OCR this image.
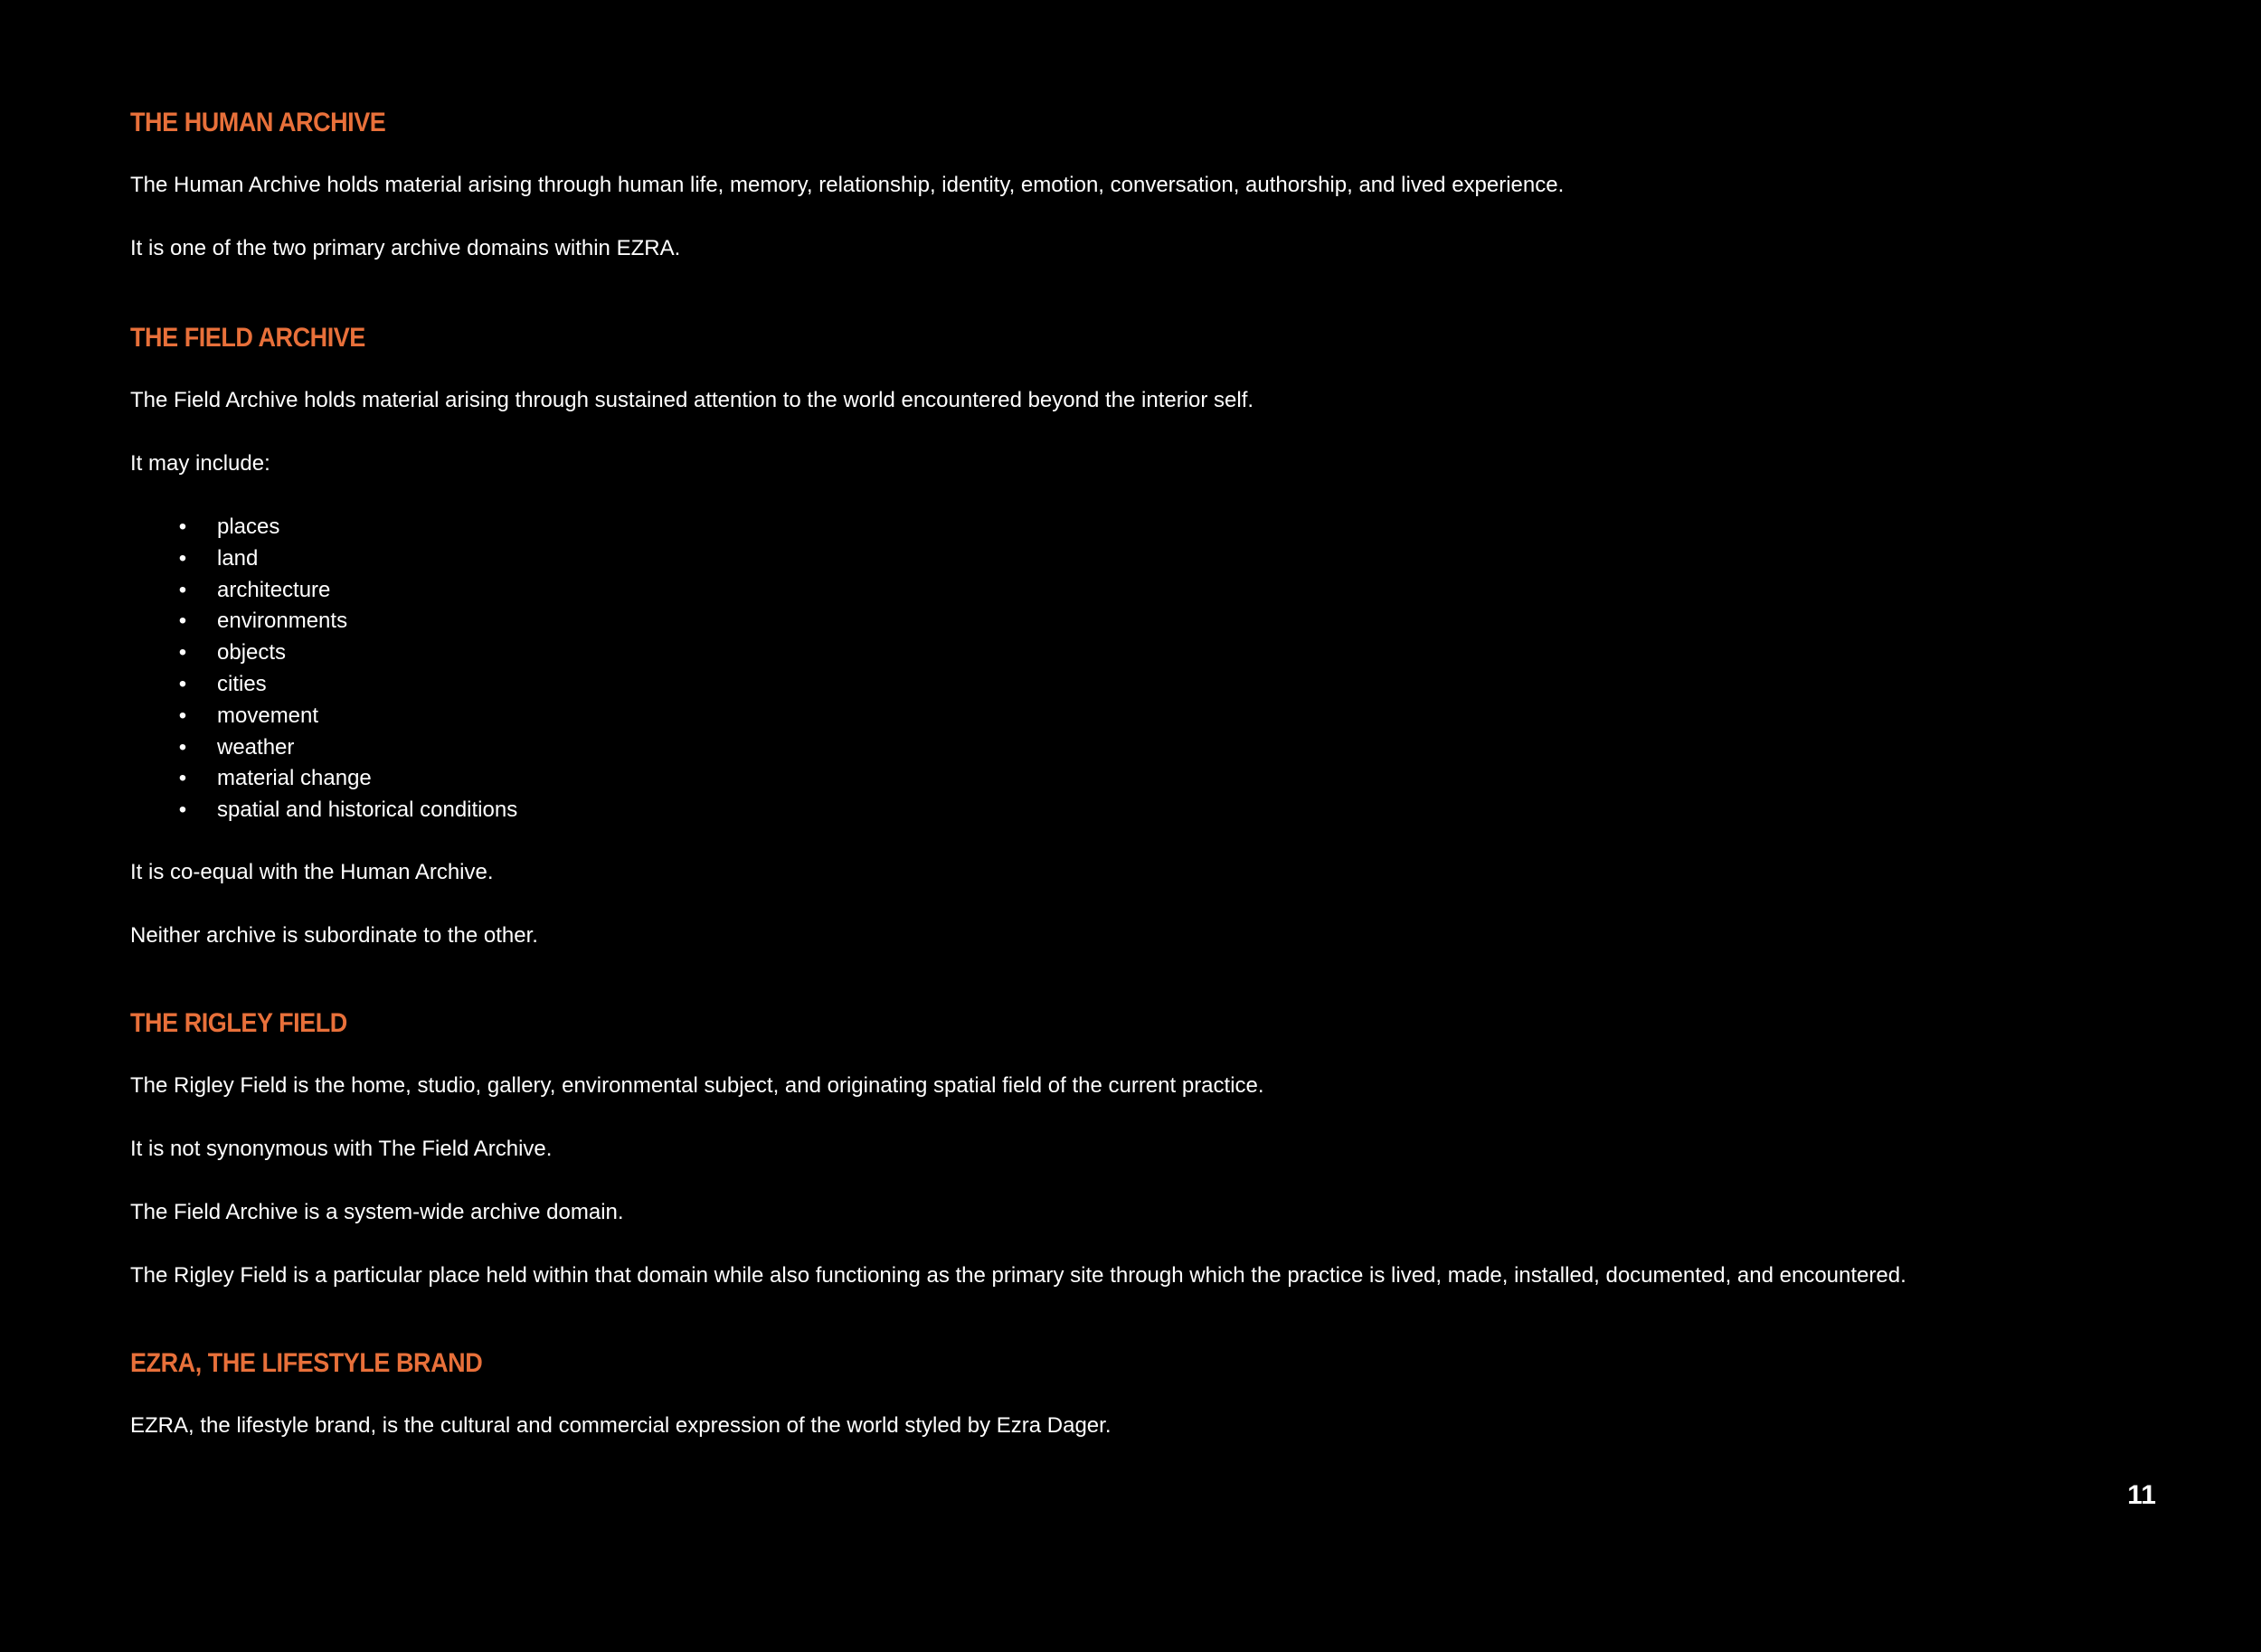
THE HUMAN ARCHIVE

The Human Archive holds material arising through human life, memory, relationship, identity, emotion, conversation, authorship, and lived experience.

It is one of the two primary archive domains within EZRA.

THE FIELD ARCHIVE

The Field Archive holds material arising through sustained attention to the world encountered beyond the interior self.

It may include:

• places
• land
• architecture
• environments
• objects
• cities
• movement
• weather
• material change
• spatial and historical conditions

It is co-equal with the Human Archive.

Neither archive is subordinate to the other.

THE RIGLEY FIELD

The Rigley Field is the home, studio, gallery, environmental subject, and originating spatial field of the current practice.

It is not synonymous with The Field Archive.

The Field Archive is a system-wide archive domain.

The Rigley Field is a particular place held within that domain while also functioning as the primary site through which the practice is lived, made, installed, documented, and encountered.

EZRA, THE LIFESTYLE BRAND

EZRA, the lifestyle brand, is the cultural and commercial expression of the world styled by Ezra Dager.

11
